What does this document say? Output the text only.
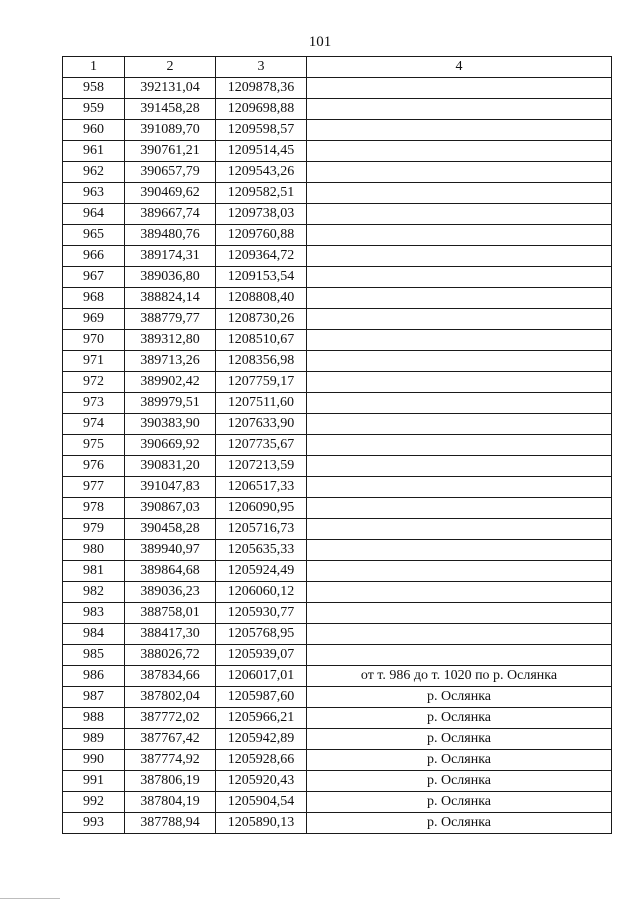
101
1	2	3	4
958	392131,04	1209878,36	
959	391458,28	1209698,88	
960	391089,70	1209598,57	
961	390761,21	1209514,45	
962	390657,79	1209543,26	
963	390469,62	1209582,51	
964	389667,74	1209738,03	
965	389480,76	1209760,88	
966	389174,31	1209364,72	
967	389036,80	1209153,54	
968	388824,14	1208808,40	
969	388779,77	1208730,26	
970	389312,80	1208510,67	
971	389713,26	1208356,98	
972	389902,42	1207759,17	
973	389979,51	1207511,60	
974	390383,90	1207633,90	
975	390669,92	1207735,67	
976	390831,20	1207213,59	
977	391047,83	1206517,33	
978	390867,03	1206090,95	
979	390458,28	1205716,73	
980	389940,97	1205635,33	
981	389864,68	1205924,49	
982	389036,23	1206060,12	
983	388758,01	1205930,77	
984	388417,30	1205768,95	
985	388026,72	1205939,07	
986	387834,66	1206017,01	от т. 986 до т. 1020 по р. Ослянка
987	387802,04	1205987,60	р. Ослянка
988	387772,02	1205966,21	р. Ослянка
989	387767,42	1205942,89	р. Ослянка
990	387774,92	1205928,66	р. Ослянка
991	387806,19	1205920,43	р. Ослянка
992	387804,19	1205904,54	р. Ослянка
993	387788,94	1205890,13	р. Ослянка
